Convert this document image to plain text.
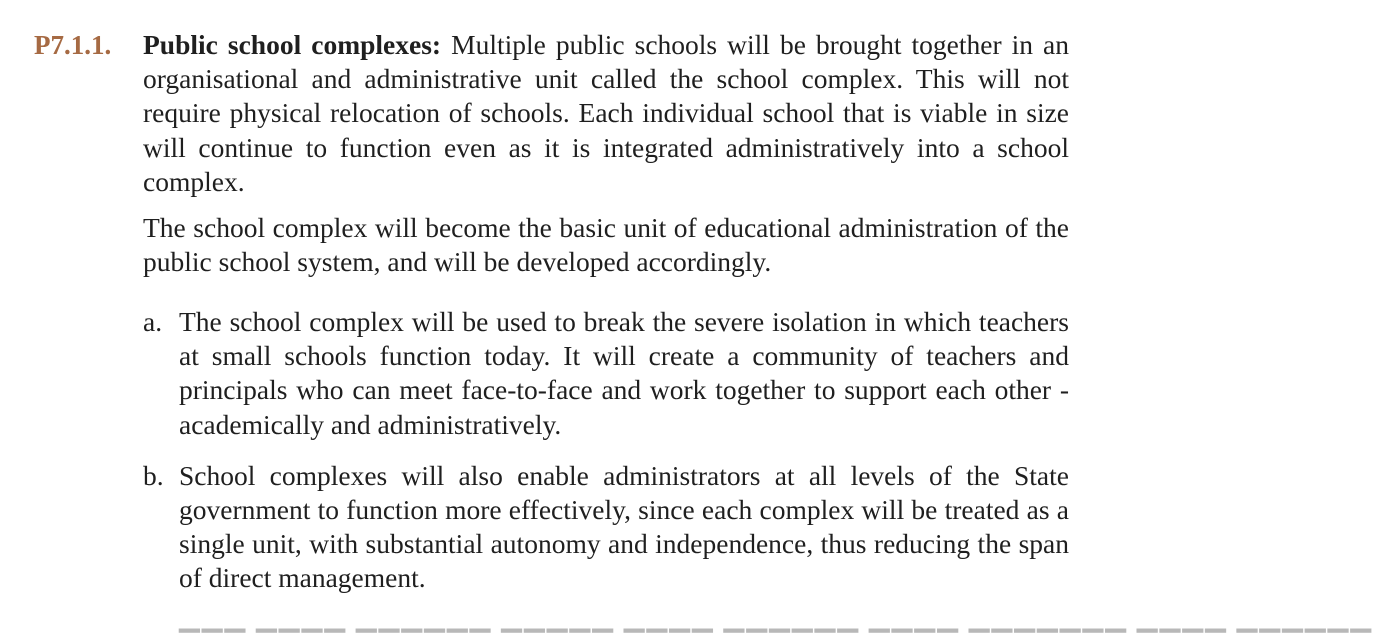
P7.1.1. Public school complexes: Multiple public schools will be brought together in an organisational and administrative unit called the school complex. This will not require physical relocation of schools. Each individual school that is viable in size will continue to function even as it is integrated administratively into a school complex.
The school complex will become the basic unit of educational administration of the public school system, and will be developed accordingly.
a. The school complex will be used to break the severe isolation in which teachers at small schools function today. It will create a community of teachers and principals who can meet face-to-face and work together to support each other - academically and administratively.
b. School complexes will also enable administrators at all levels of the State government to function more effectively, since each complex will be treated as a single unit, with substantial autonomy and independence, thus reducing the span of direct management.
▁▁▁ ▁▁▁▁ ▁▁▁▁▁▁ ▁▁▁▁▁ ▁▁▁▁ ▁▁▁▁▁▁ ▁▁▁▁ ▁▁▁▁▁▁▁ ▁▁▁▁ ▁▁▁▁▁▁
